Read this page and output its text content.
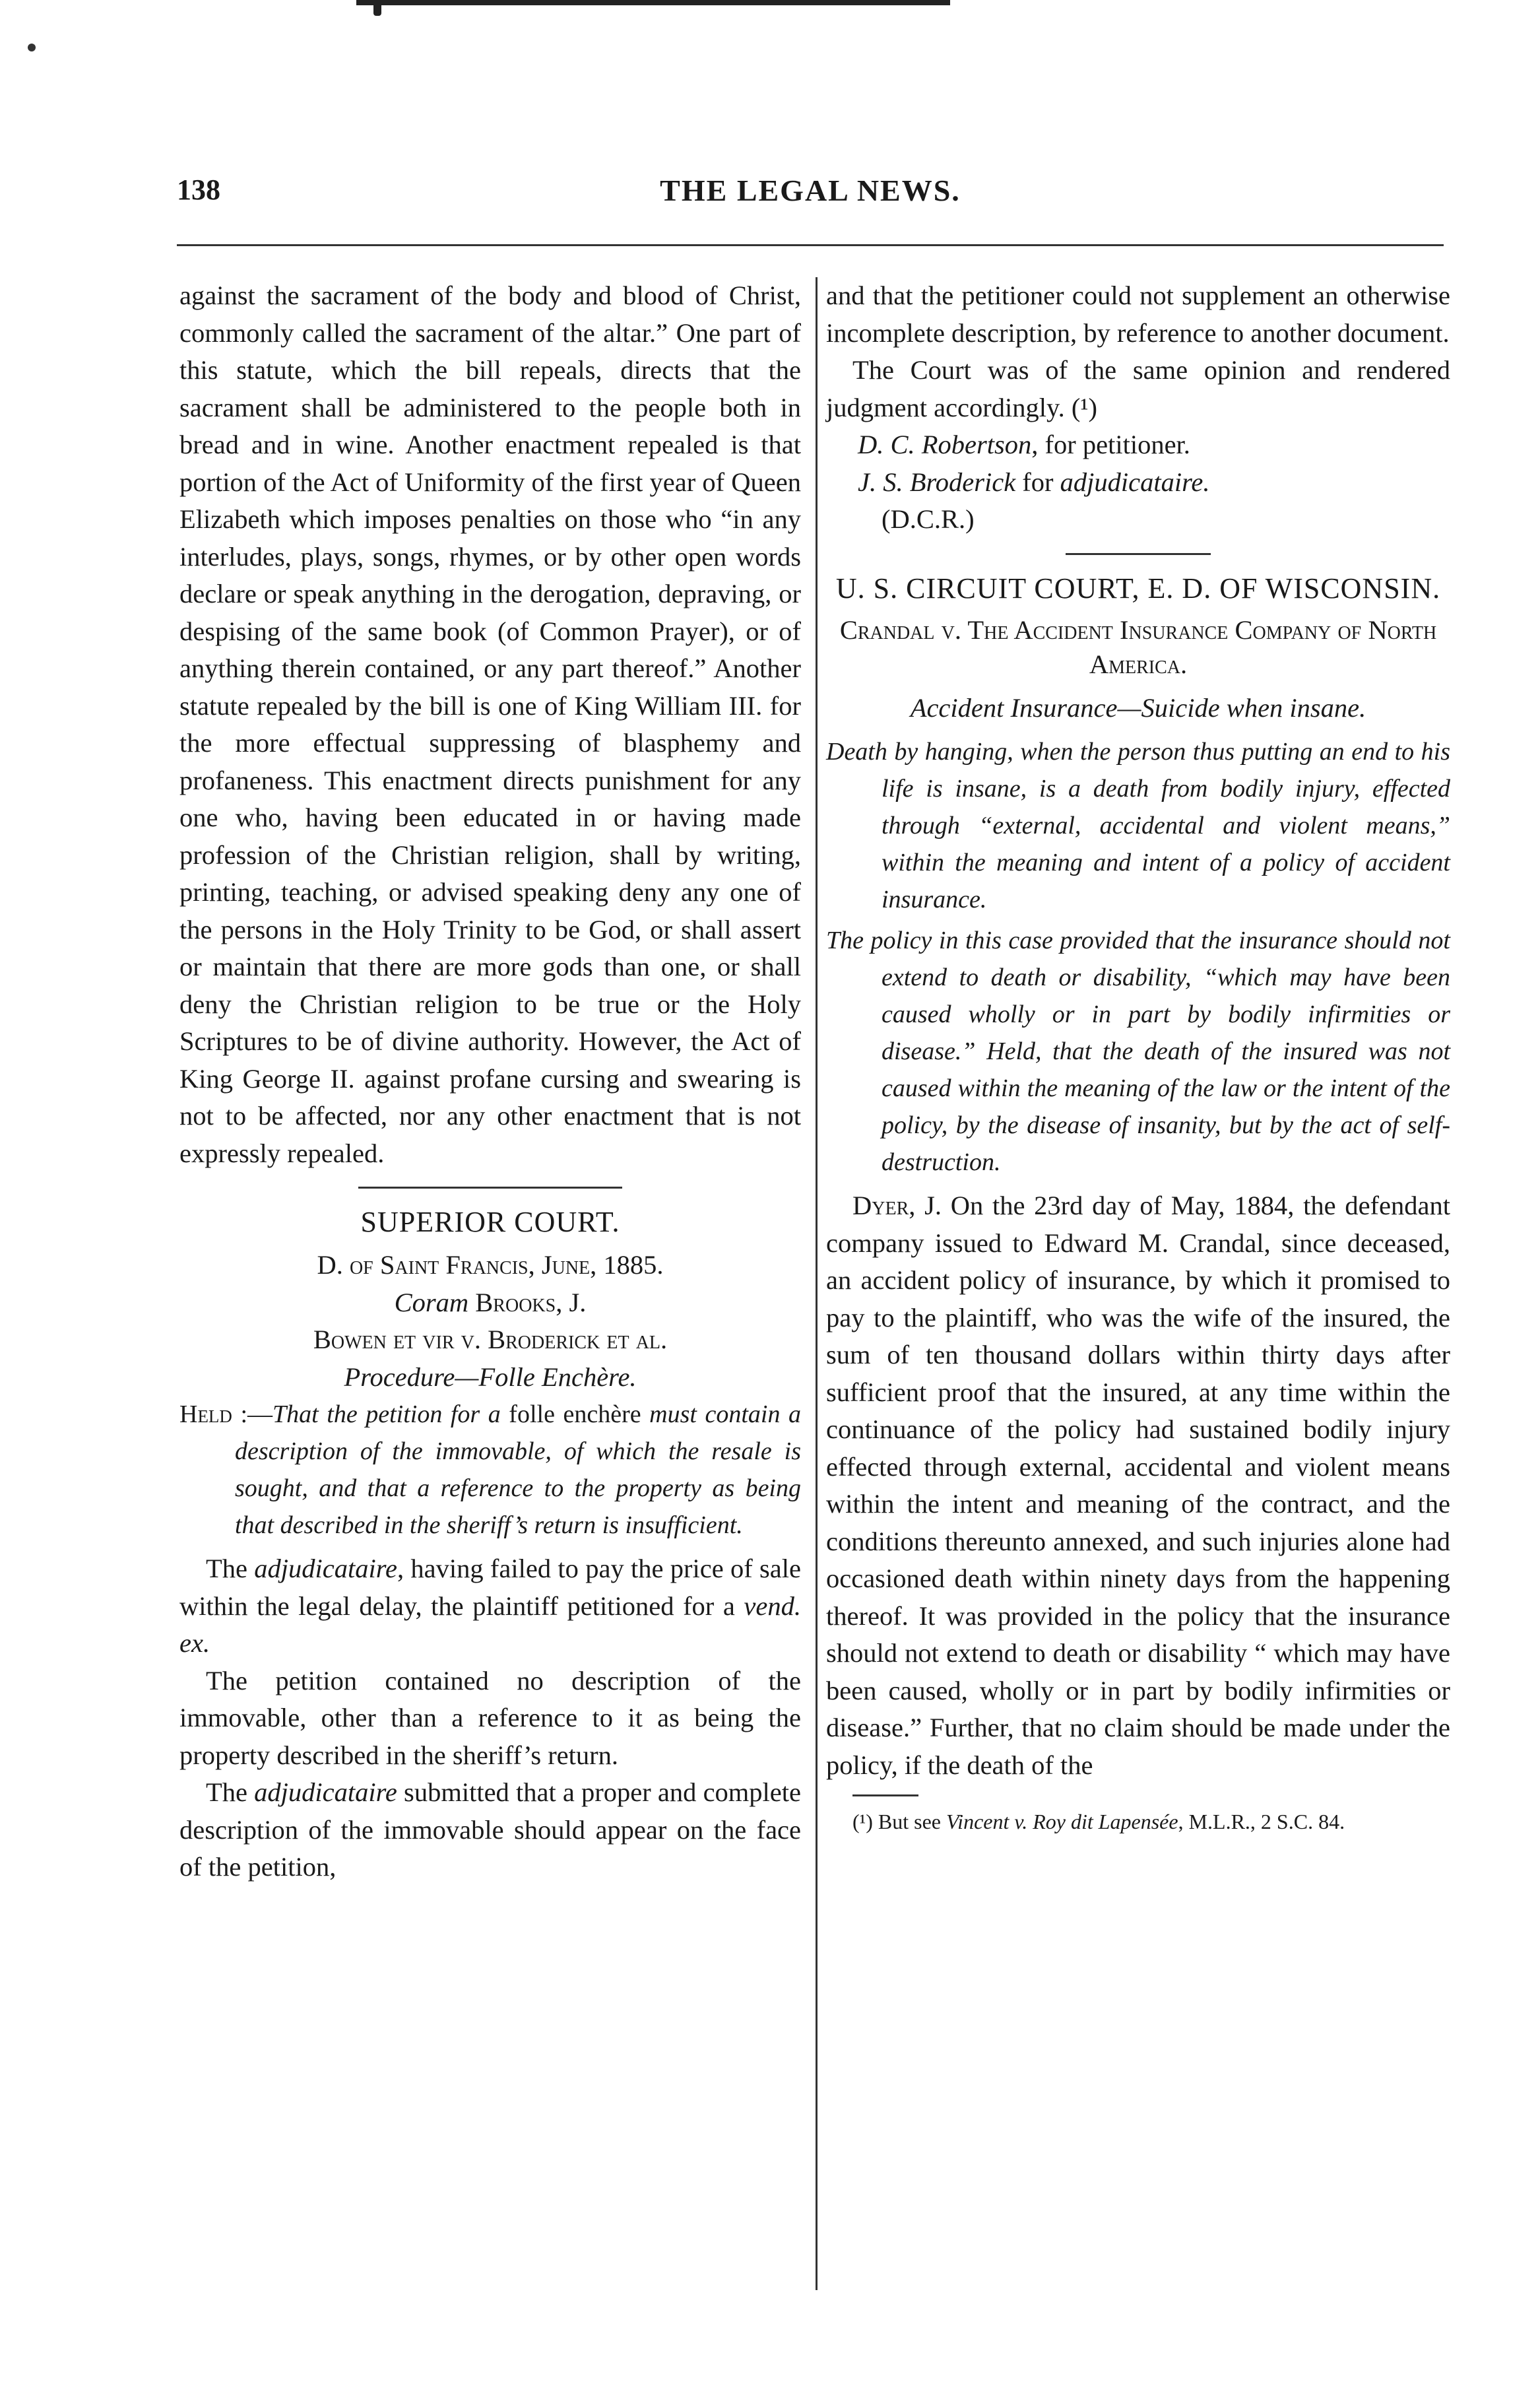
THE LEGAL NEWS.
138

against the sacrament of the body and blood of Christ, commonly called the sacrament of the altar.” One part of this statute, which the bill repeals, directs that the sacrament shall be administered to the people both in bread and in wine. Another enactment repealed is that portion of the Act of Uniformity of the first year of Queen Elizabeth which imposes penalties on those who “in any interludes, plays, songs, rhymes, or by other open words declare or speak anything in the derogation, depraving, or despising of the same book (of Common Prayer), or of anything therein contained, or any part thereof.” Another statute repealed by the bill is one of King William III. for the more effectual suppressing of blasphemy and profaneness. This enactment directs punishment for any one who, having been educated in or having made profession of the Christian religion, shall by writing, printing, teaching, or advised speaking deny any one of the persons in the Holy Trinity to be God, or shall assert or maintain that there are more gods than one, or shall deny the Christian religion to be true or the Holy Scriptures to be of divine authority. However, the Act of King George II. against profane cursing and swearing is not to be affected, nor any other enactment that is not expressly repealed.

SUPERIOR COURT.

D. of Saint Francis, June, 1885.

Coram Brooks, J.

Bowen et vir v. Broderick et al.

Procedure—Folle Enchère.

Held :—That the petition for a folle enchère must contain a description of the immovable, of which the resale is sought, and that a reference to the property as being that described in the sheriff’s return is insufficient.

The adjudicataire, having failed to pay the price of sale within the legal delay, the plaintiff petitioned for a vend. ex.

The petition contained no description of the immovable, other than a reference to it as being the property described in the sheriff’s return.

The adjudicataire submitted that a proper and complete description of the immovable should appear on the face of the petition,

and that the petitioner could not supplement an otherwise incomplete description, by reference to another document.

The Court was of the same opinion and rendered judgment accordingly. (¹)

D. C. Robertson, for petitioner.

J. S. Broderick for adjudicataire.

(D.C.R.)

U. S. CIRCUIT COURT, E. D. OF WISCONSIN.

Crandal v. The Accident Insurance Company of North America.

Accident Insurance—Suicide when insane.

Death by hanging, when the person thus putting an end to his life is insane, is a death from bodily injury, effected through “external, accidental and violent means,” within the meaning and intent of a policy of accident insurance.

The policy in this case provided that the insurance should not extend to death or disability, “which may have been caused wholly or in part by bodily infirmities or disease.” Held, that the death of the insured was not caused within the meaning of the law or the intent of the policy, by the disease of insanity, but by the act of self-destruction.

Dyer, J. On the 23rd day of May, 1884, the defendant company issued to Edward M. Crandal, since deceased, an accident policy of insurance, by which it promised to pay to the plaintiff, who was the wife of the insured, the sum of ten thousand dollars within thirty days after sufficient proof that the insured, at any time within the continuance of the policy had sustained bodily injury effected through external, accidental and violent means within the intent and meaning of the contract, and the conditions thereunto annexed, and such injuries alone had occasioned death within ninety days from the happening thereof. It was provided in the policy that the insurance should not extend to death or disability “ which may have been caused, wholly or in part by bodily infirmities or disease.” Further, that no claim should be made under the policy, if the death of the

(¹) But see Vincent v. Roy dit Lapensée, M.L.R., 2 S.C. 84.
